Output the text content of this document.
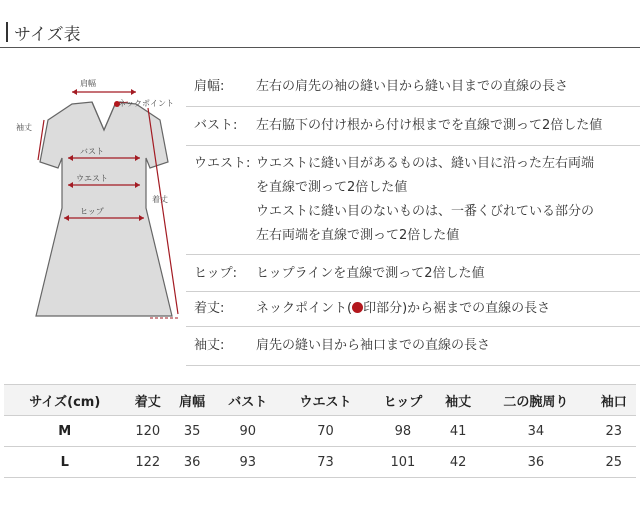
サイズ表
肩幅
ネックポイント
袖丈
バスト
ウエスト
ヒップ
着丈
肩幅:	左右の肩先の袖の縫い目から縫い目までの直線の長さ
バスト:	左右脇下の付け根から付け根までを直線で測って2倍した値
ウエスト: ウエストに縫い目があるものは、縫い目に沿った左右両端
を直線で測って2倍した値
ウエストに縫い目のないものは、一番くびれている部分の
左右両端を直線で測って2倍した値
ヒップ:	ヒップラインを直線で測って2倍した値
着丈:	ネックポイント( 印部分)から裾までの直線の長さ
袖丈:	肩先の縫い目から袖口までの直線の長さ
サイズ(cm)	着丈	肩幅	バスト	ウエスト	ヒップ	袖丈	二の腕周り	袖口
M	120	35	90	70	98	41	34	23
L	122	36	93	73	101	42	36	25
